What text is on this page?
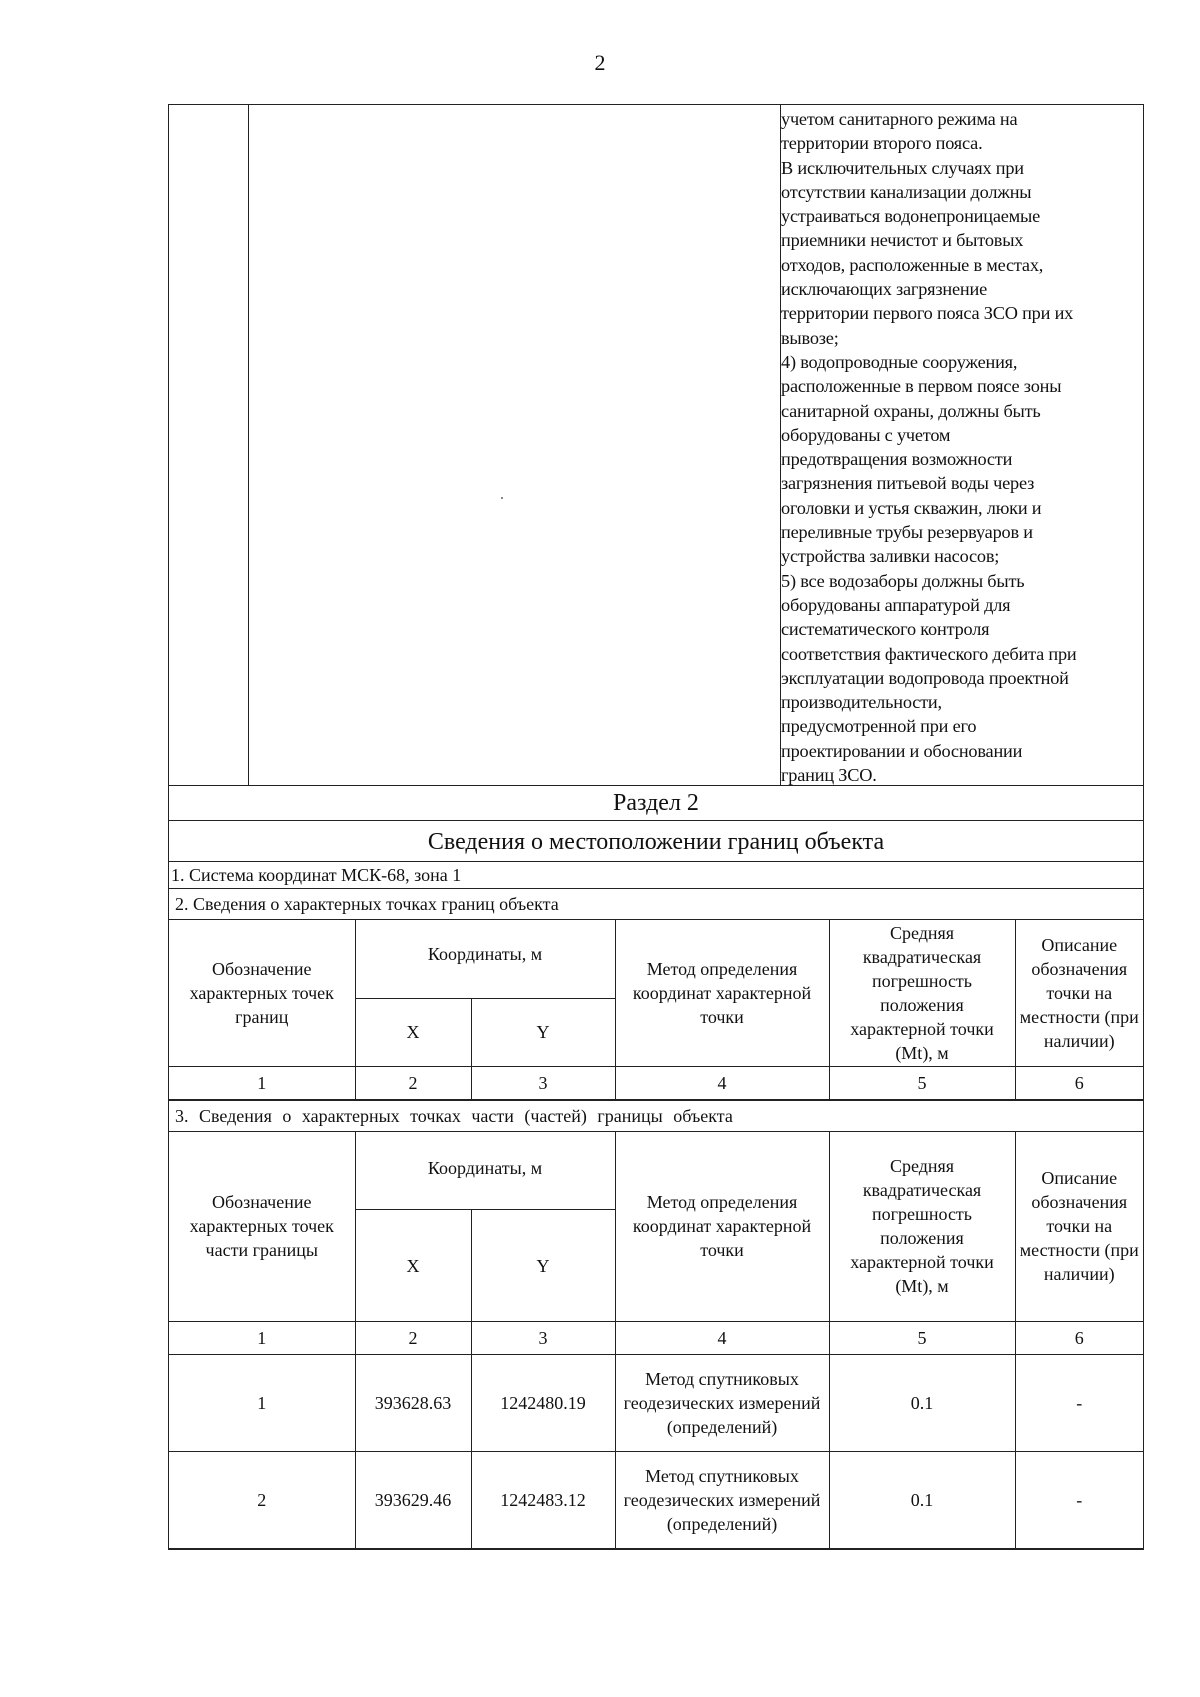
2
учетом санитарного режима на
территории второго пояса.
В исключительных случаях при
отсутствии канализации должны
устраиваться водонепроницаемые
приемники нечистот и бытовых
отходов, расположенные в местах,
исключающих загрязнение
территории первого пояса ЗСО при их
вывозе;
4) водопроводные сооружения,
расположенные в первом поясе зоны
санитарной охраны, должны быть
оборудованы с учетом
предотвращения возможности
загрязнения питьевой воды через
оголовки и устья скважин, люки и
переливные трубы резервуаров и
устройства заливки насосов;
5) все водозаборы должны быть
оборудованы аппаратурой для
систематического контроля
соответствия фактического дебита при
эксплуатации водопровода проектной
производительности,
предусмотренной при его
проектировании и обосновании
границ ЗСО.
Раздел 2
Сведения о местоположении границ объекта
1. Система координат МСК-68, зона 1
2. Сведения о характерных точках границ объекта
Обозначение характерных точек границ	Координаты, м		Метод определения координат характерной точки	Средняя квадратическая погрешность положения характерной точки (Mt), м	Описание обозначения точки на местности (при наличии)
	X	Y			
1	2	3	4	5	6
3. Сведения о характерных точках части (частей) границы объекта
Обозначение характерных точек части границы	Координаты, м		Метод определения координат характерной точки	Средняя квадратическая погрешность положения характерной точки (Mt), м	Описание обозначения точки на местности (при наличии)
	X	Y			
1	2	3	4	5	6
1	393628.63	1242480.19	Метод спутниковых геодезических измерений (определений)	0.1	-
2	393629.46	1242483.12	Метод спутниковых геодезических измерений (определений)	0.1	-
